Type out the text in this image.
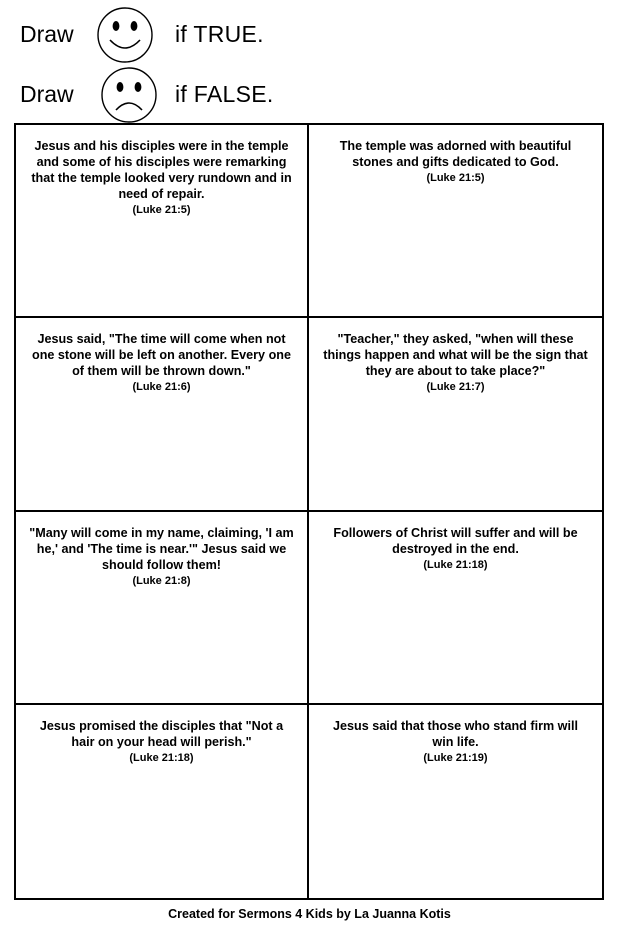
Draw	if TRUE.
Draw	if FALSE.
Jesus and his disciples were in the temple and some of his disciples were remarking that the temple looked very rundown and in need of repair.
(Luke 21:5)
The temple was adorned with beautiful stones and gifts dedicated to God.
(Luke 21:5)
Jesus said, "The time will come when not one stone will be left on another. Every one of them will be thrown down."
(Luke 21:6)
"Teacher," they asked, "when will these things happen and what will be the sign that they are about to take place?"
(Luke 21:7)
"Many will come in my name, claiming, 'I am he,' and 'The time is near.'" Jesus said we should follow them!
(Luke 21:8)
Followers of Christ will suffer and will be destroyed in the end.
(Luke 21:18)
Jesus promised the disciples that "Not a hair on your head will perish."
(Luke 21:18)
Jesus said that those who stand firm will win life.
(Luke 21:19)
Created for Sermons 4 Kids by La Juanna Kotis
